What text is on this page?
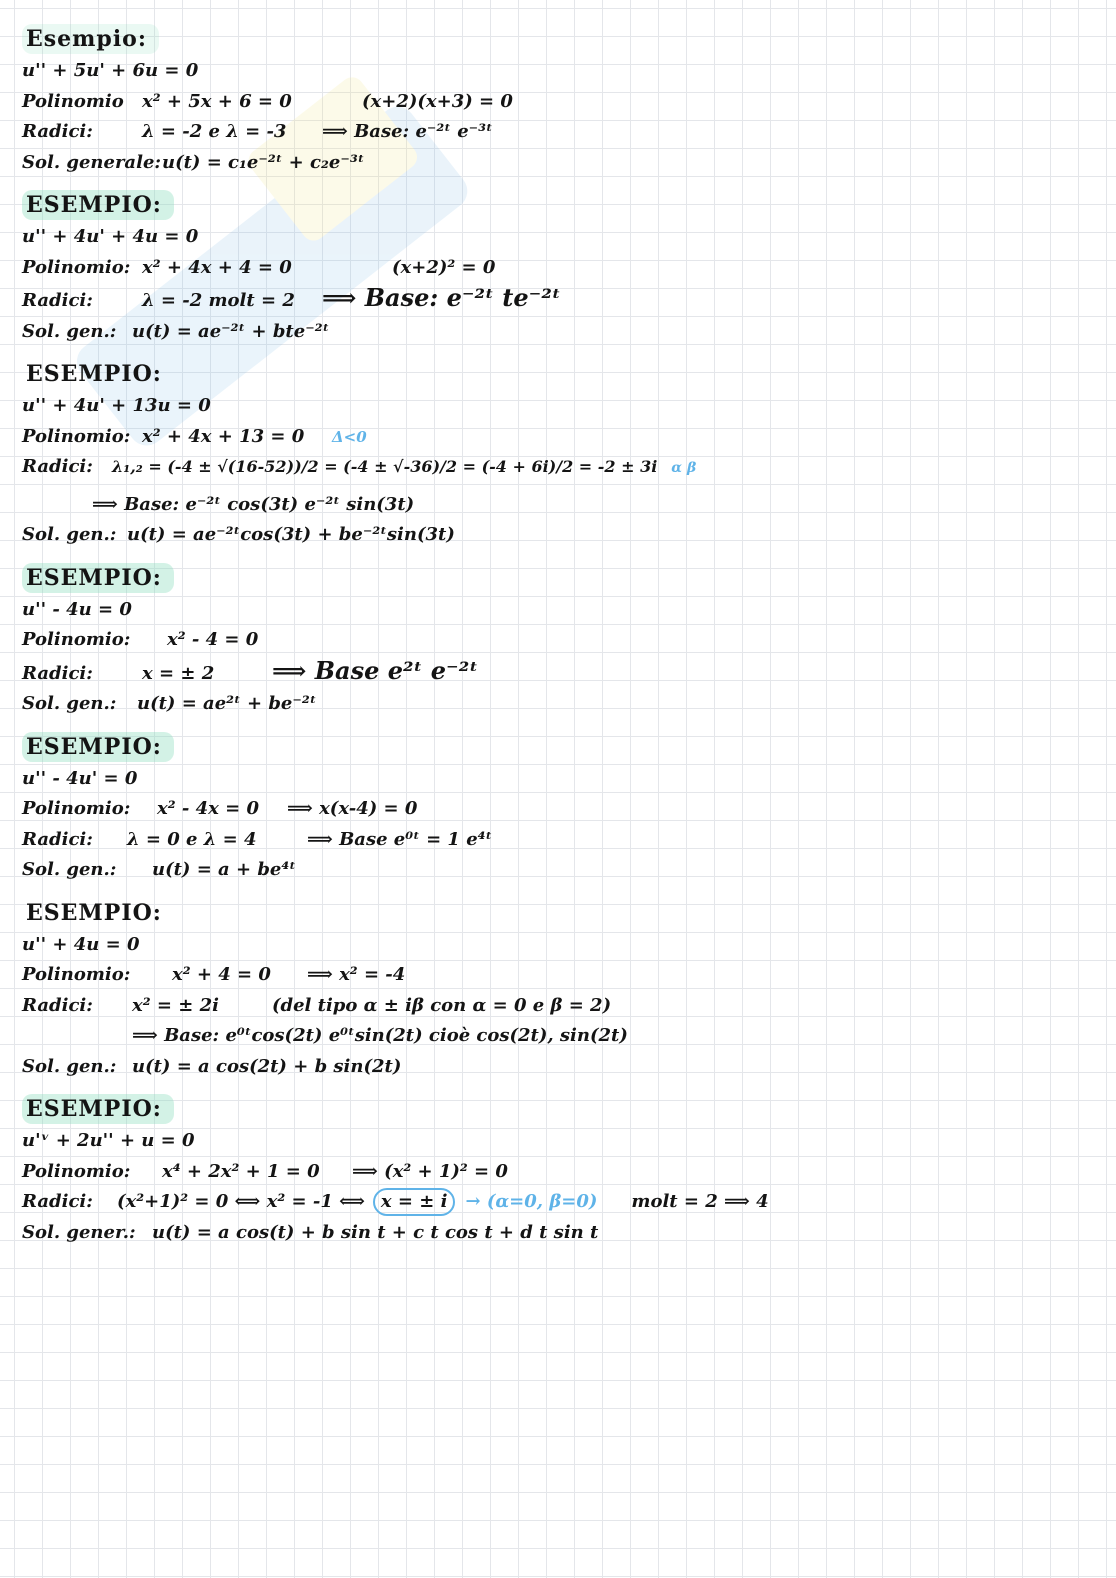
Esempio:
u'' + 5u' + 6u = 0
Polinomio	x² + 5x + 6 = 0	(x+2)(x+3) = 0
Radici:	λ = -2 e λ = -3	⟹ Base: e⁻²ᵗ e⁻³ᵗ
Sol. generale: u(t) = c₁e⁻²ᵗ + c₂e⁻³ᵗ
ESEMPIO:
u'' + 4u' + 4u = 0
Polinomio: x² + 4x + 4 = 0	(x+2)² = 0
Radici:	λ = -2 molt = 2	⟹ Base: e⁻²ᵗ te⁻²ᵗ
Sol. gen.: u(t) = ae⁻²ᵗ + bte⁻²ᵗ
ESEMPIO:
u'' + 4u' + 13u = 0
Polinomio: x² + 4x + 13 = 0	Δ<0
Radici:	λ₁,₂ = (-4 ± √(16-52))/2 = (-4 ± √-36)/2 = (-4 + 6i)/2 = -2 ± 3i α β
⟹ Base: e⁻²ᵗ cos(3t) e⁻²ᵗ sin(3t)
Sol. gen.: u(t) = ae⁻²ᵗcos(3t) + be⁻²ᵗsin(3t)
ESEMPIO:
u'' - 4u = 0
Polinomio:	x² - 4 = 0
Radici:	x = ± 2	⟹ Base e²ᵗ e⁻²ᵗ
Sol. gen.:	u(t) = ae²ᵗ + be⁻²ᵗ
ESEMPIO:
u'' - 4u' = 0
Polinomio:	x² - 4x = 0	⟹ x(x-4) = 0
Radici:	λ = 0 e λ = 4	⟹ Base e⁰ᵗ = 1 e⁴ᵗ
Sol. gen.:	u(t) = a + be⁴ᵗ
ESEMPIO:
u'' + 4u = 0
Polinomio:	x² + 4 = 0	⟹ x² = -4
Radici:	x² = ± 2i	(del tipo α ± iβ con α = 0 e β = 2)
⟹ Base: e⁰ᵗcos(2t) e⁰ᵗsin(2t) cioè cos(2t), sin(2t)
Sol. gen.: u(t) = a cos(2t) + b sin(2t)
ESEMPIO:
u'ᵛ + 2u'' + u = 0
Polinomio:	x⁴ + 2x² + 1 = 0	⟹ (x² + 1)² = 0
Radici:	(x²+1)² = 0 ⟺ x² = -1 ⟺ x = ± i	→ (α=0, β=0) molt = 2 ⟹ 4
Sol. gener.: u(t) = a cos(t) + b sin t + c t cos t + d t sin t
